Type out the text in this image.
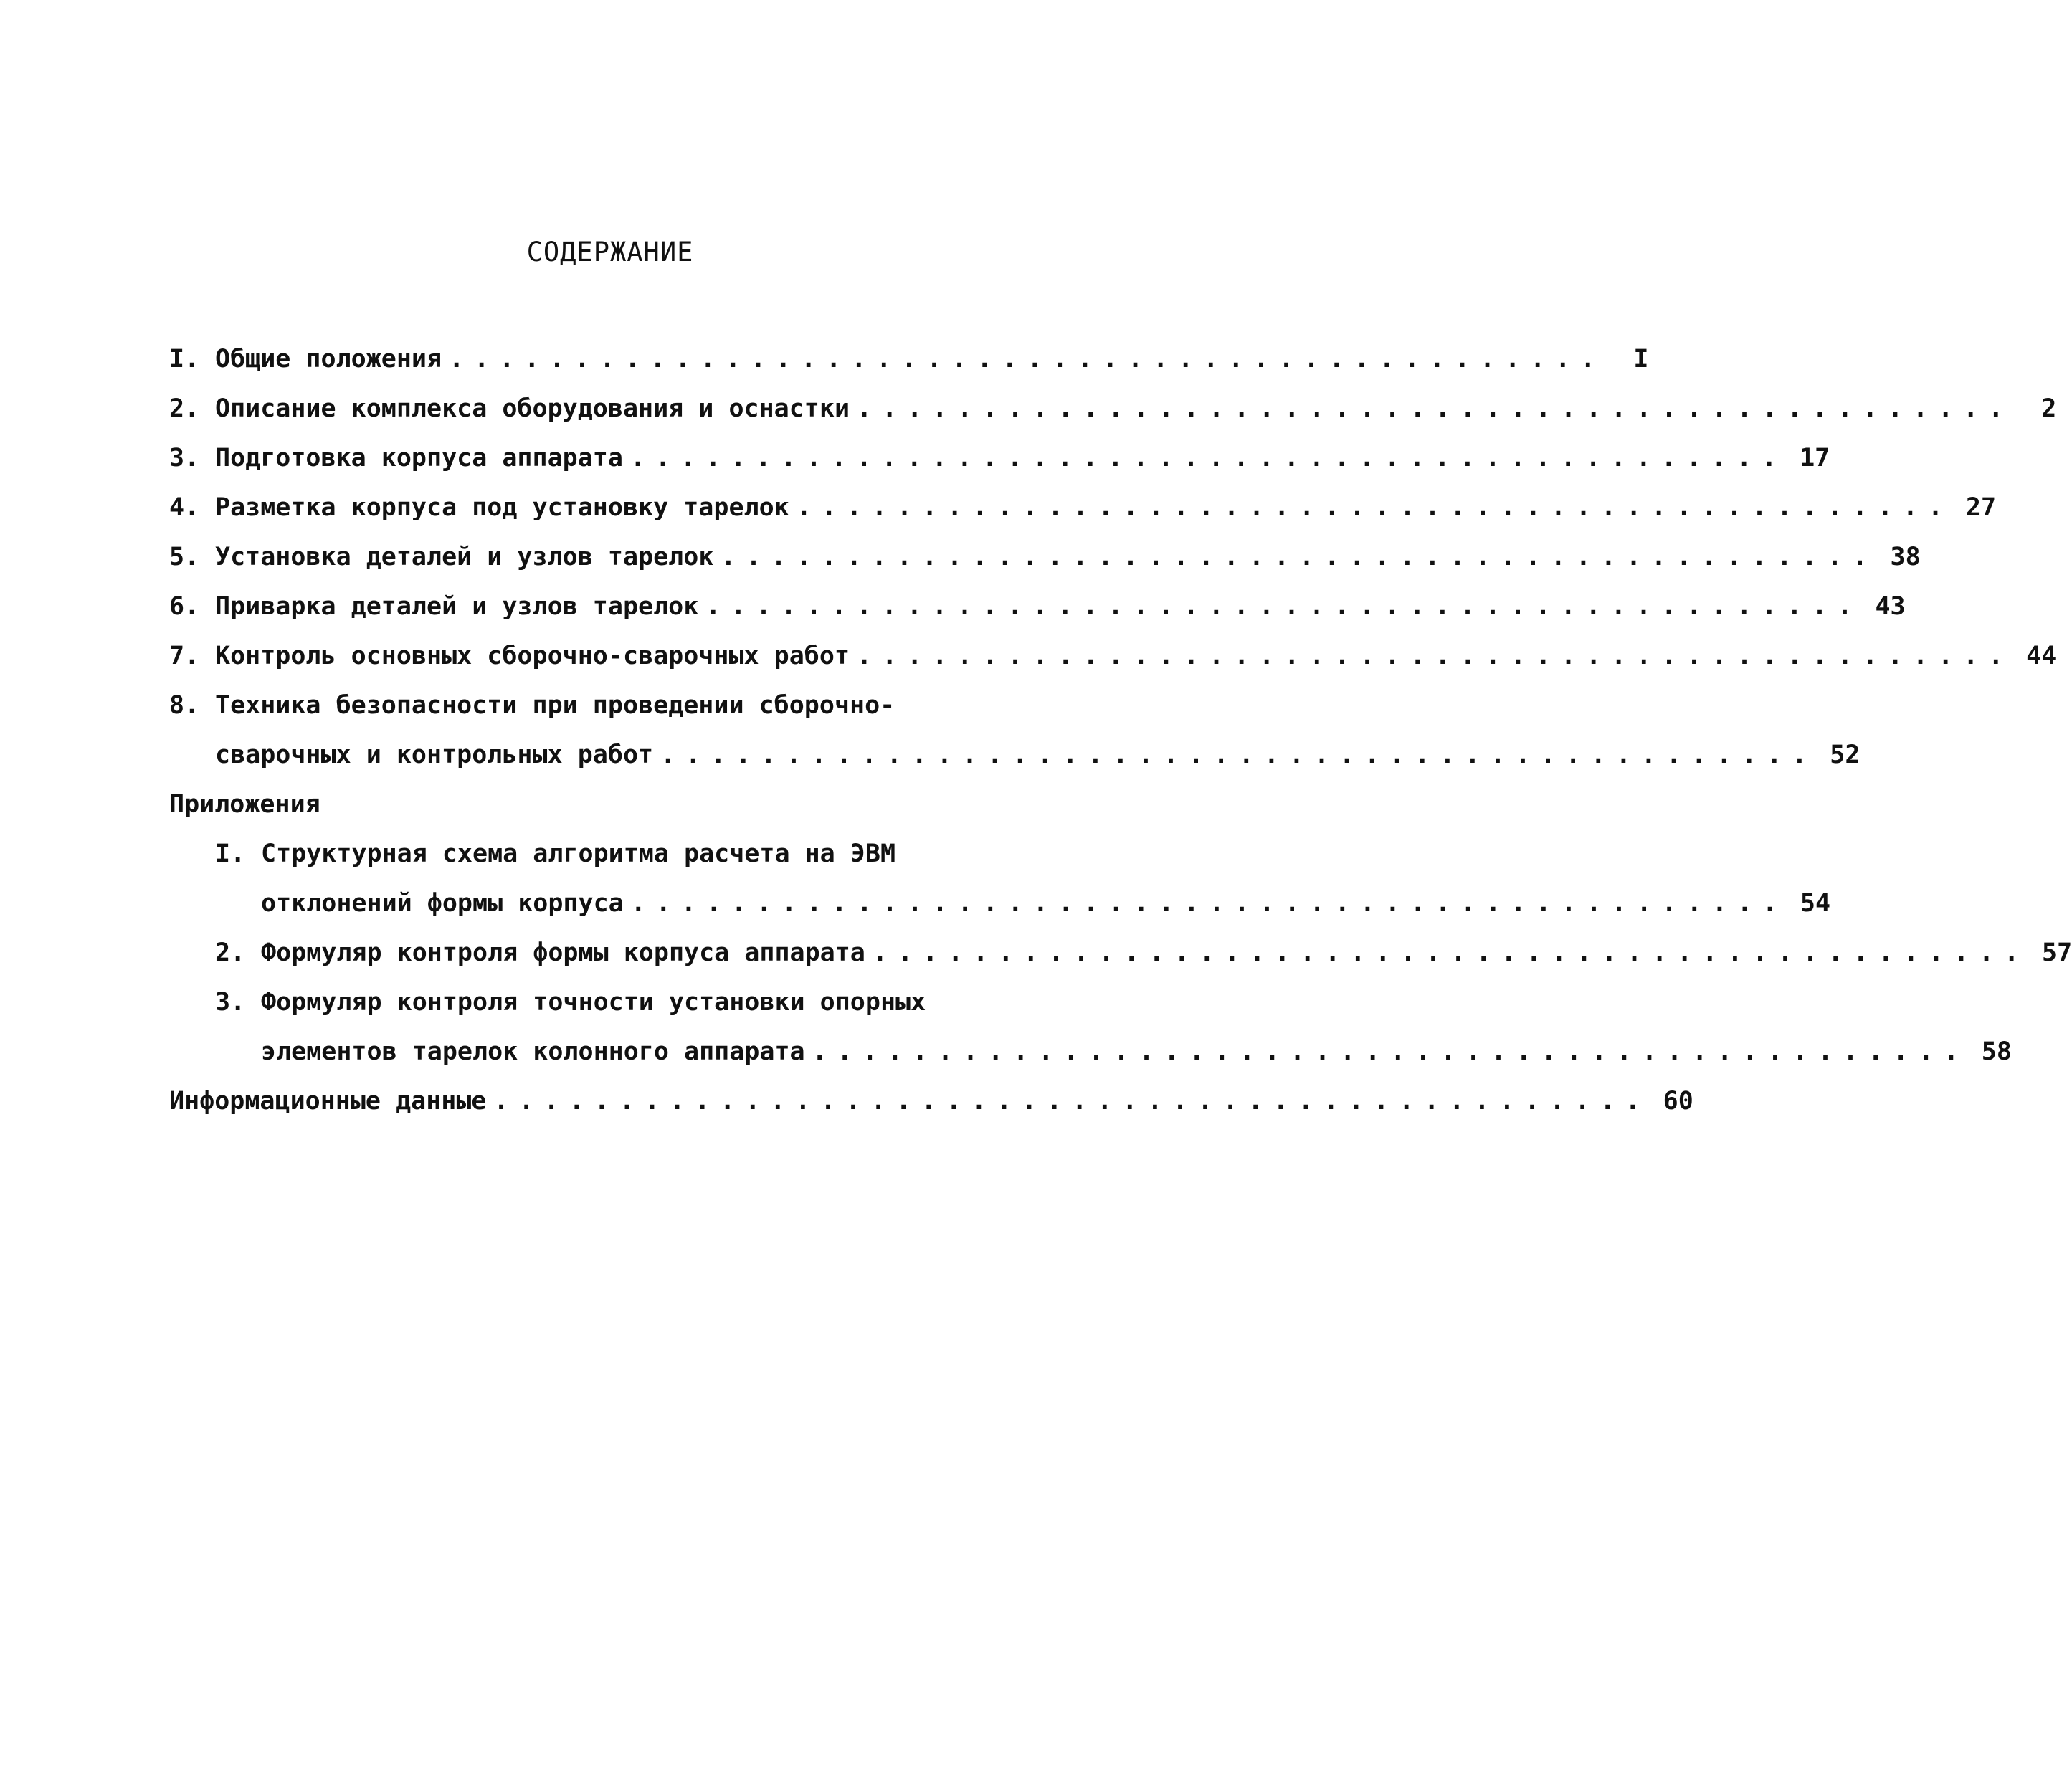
СОДЕРЖАНИЕ
I. Общие положения ..............................................	I
2. Описание комплекса оборудования и оснастки ..............................................	2
3. Подготовка корпуса аппарата .............................................. 17
4. Разметка корпуса под установку тарелок .............................................. 27
5. Установка деталей и узлов тарелок .............................................. 38
6. Приварка деталей и узлов тарелок .............................................. 43
7. Контроль основных сборочно-сварочных работ .............................................. 44
8. Техника безопасности при проведении сборочно-
сварочных и контрольных работ .............................................. 52
Приложения
I. Структурная схема алгоритма расчета на ЭВМ
отклонений формы корпуса .............................................. 54
2. Формуляр контроля формы корпуса аппарата .............................................. 57
3. Формуляр контроля точности установки опорных
элементов тарелок колонного аппарата .............................................. 58
Информационные данные .............................................. 60
